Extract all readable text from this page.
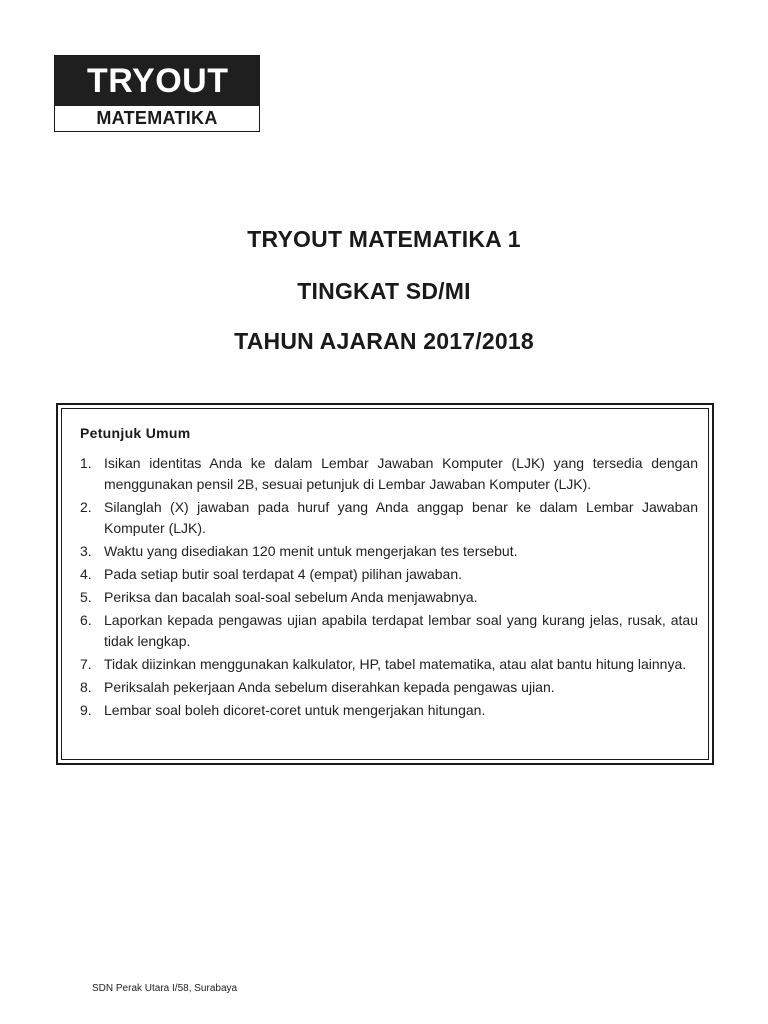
TRYOUT
MATEMATIKA
TRYOUT MATEMATIKA 1
TINGKAT SD/MI
TAHUN AJARAN 2017/2018
Petunjuk Umum
1. Isikan identitas Anda ke dalam Lembar Jawaban Komputer (LJK) yang tersedia dengan menggunakan pensil 2B, sesuai petunjuk di Lembar Jawaban Komputer (LJK).
2. Silanglah (X) jawaban pada huruf yang Anda anggap benar ke dalam Lembar Jawaban Komputer (LJK).
3. Waktu yang disediakan 120 menit untuk mengerjakan tes tersebut.
4. Pada setiap butir soal terdapat 4 (empat) pilihan jawaban.
5. Periksa dan bacalah soal-soal sebelum Anda menjawabnya.
6. Laporkan kepada pengawas ujian apabila terdapat lembar soal yang kurang jelas, rusak, atau tidak lengkap.
7. Tidak diizinkan menggunakan kalkulator, HP, tabel matematika, atau alat bantu hitung lainnya.
8. Periksalah pekerjaan Anda sebelum diserahkan kepada pengawas ujian.
9. Lembar soal boleh dicoret-coret untuk mengerjakan hitungan.
SDN Perak Utara I/58, Surabaya
